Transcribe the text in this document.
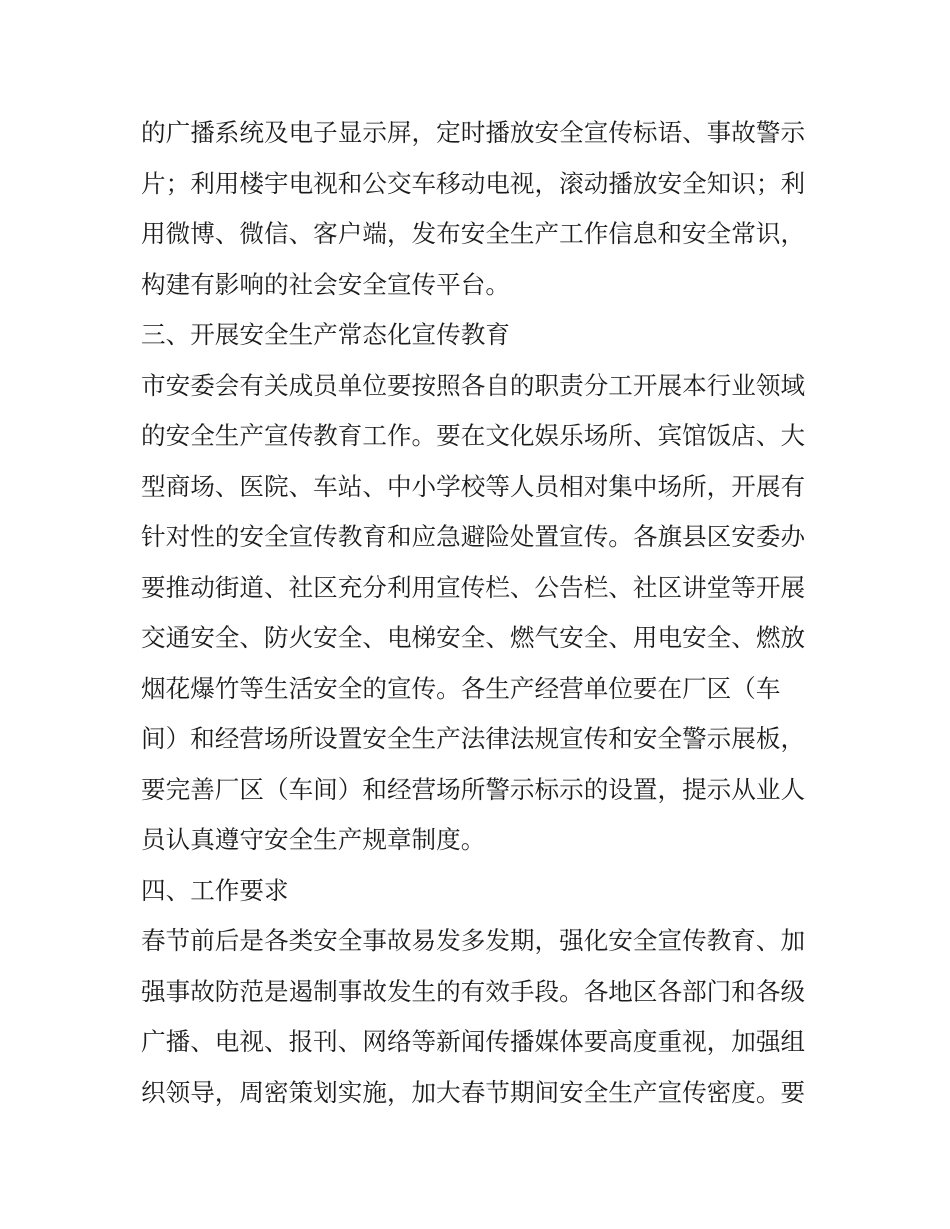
的广播系统及电子显示屏，定时播放安全宣传标语、事故警示
片；利用楼宇电视和公交车移动电视，滚动播放安全知识；利
用微博、微信、客户端，发布安全生产工作信息和安全常识，
构建有影响的社会安全宣传平台。
三、开展安全生产常态化宣传教育
市安委会有关成员单位要按照各自的职责分工开展本行业领域
的安全生产宣传教育工作。要在文化娱乐场所、宾馆饭店、大
型商场、医院、车站、中小学校等人员相对集中场所，开展有
针对性的安全宣传教育和应急避险处置宣传。各旗县区安委办
要推动街道、社区充分利用宣传栏、公告栏、社区讲堂等开展
交通安全、防火安全、电梯安全、燃气安全、用电安全、燃放
烟花爆竹等生活安全的宣传。各生产经营单位要在厂区（车
间）和经营场所设置安全生产法律法规宣传和安全警示展板，
要完善厂区（车间）和经营场所警示标示的设置，提示从业人
员认真遵守安全生产规章制度。
四、工作要求
春节前后是各类安全事故易发多发期，强化安全宣传教育、加
强事故防范是遏制事故发生的有效手段。各地区各部门和各级
广播、电视、报刊、网络等新闻传播媒体要高度重视，加强组
织领导，周密策划实施，加大春节期间安全生产宣传密度。要
